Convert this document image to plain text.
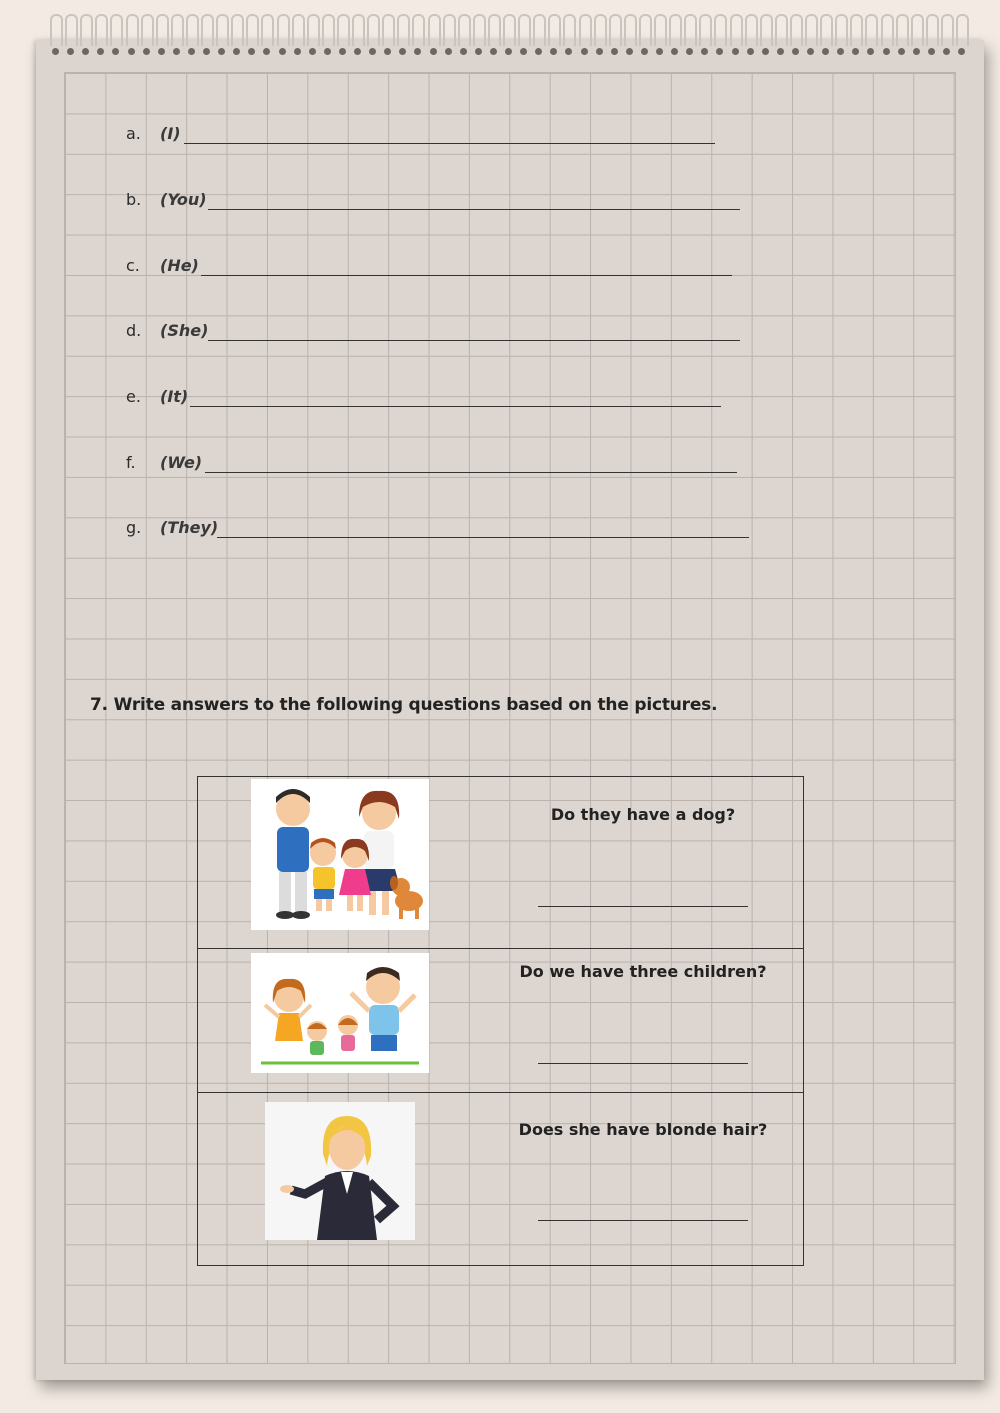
a. (I)
b. (You)
c. (He)
d. (She)
e. (It)
f. (We)
g. (They)
7. Write answers to the following questions based on the pictures.
Do they have a dog?
Do we have three children?
Does she have blonde hair?
